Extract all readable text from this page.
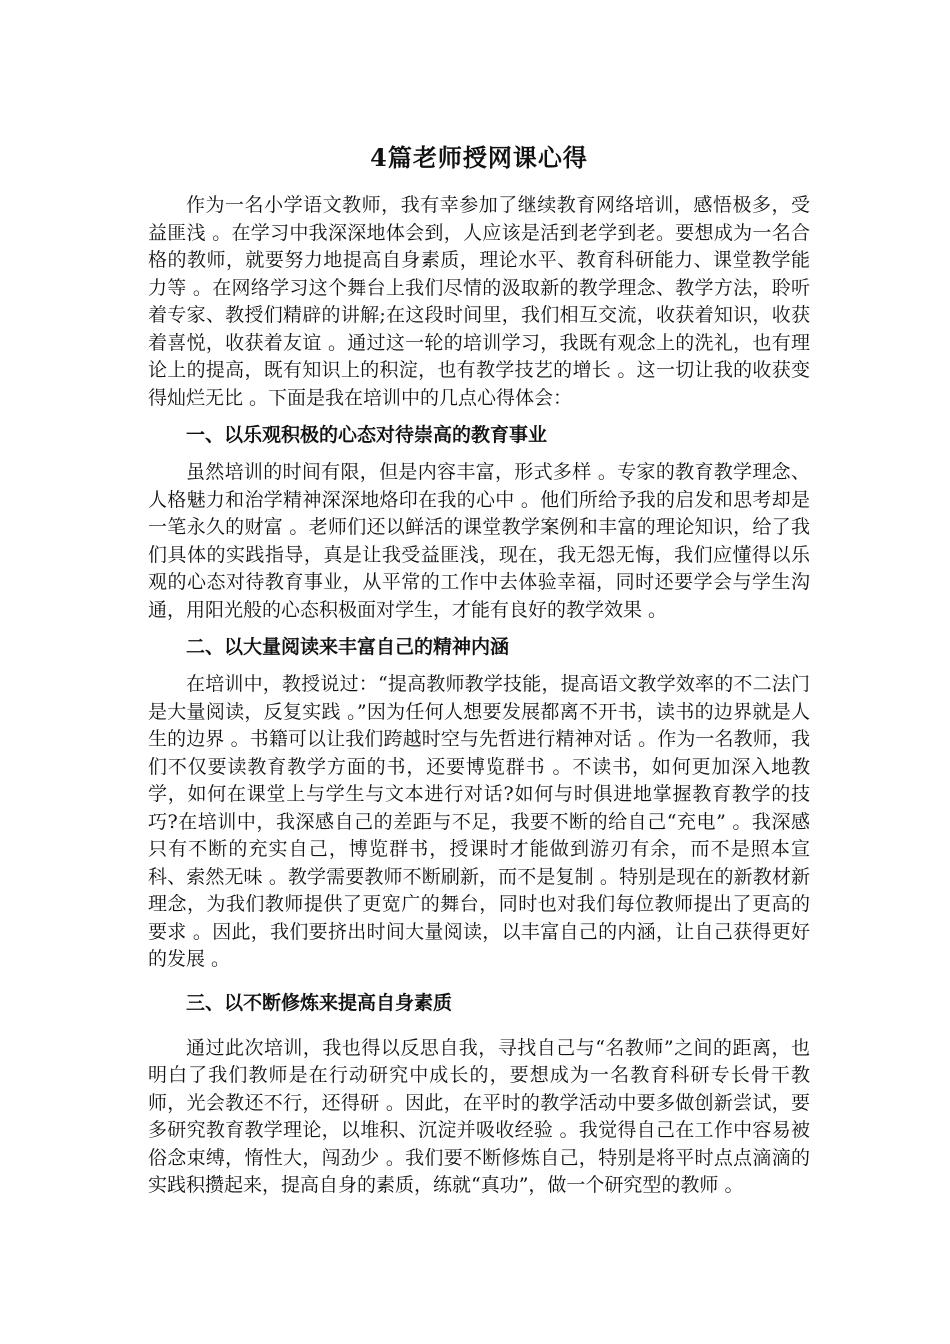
4篇老师授网课心得

作为一名小学语文教师，我有幸参加了继续教育网络培训，感悟极多，受益匪浅 。在学习中我深深地体会到，人应该是活到老学到老。要想成为一名合格的教师，就要努力地提高自身素质，理论水平、教育科研能力、课堂教学能力等 。在网络学习这个舞台上我们尽情的汲取新的教学理念、教学方法，聆听着专家、教授们精辟的讲解;在这段时间里，我们相互交流，收获着知识，收获着喜悦，收获着友谊 。通过这一轮的培训学习，我既有观念上的洗礼，也有理论上的提高，既有知识上的积淀，也有教学技艺的增长 。这一切让我的收获变得灿烂无比 。下面是我在培训中的几点心得体会：

一、以乐观积极的心态对待崇高的教育事业

虽然培训的时间有限，但是内容丰富，形式多样 。专家的教育教学理念、人格魅力和治学精神深深地烙印在我的心中 。他们所给予我的启发和思考却是一笔永久的财富 。老师们还以鲜活的课堂教学案例和丰富的理论知识，给了我们具体的实践指导，真是让我受益匪浅，现在，我无怨无悔，我们应懂得以乐观的心态对待教育事业，从平常的工作中去体验幸福，同时还要学会与学生沟通，用阳光般的心态积极面对学生，才能有良好的教学效果 。

二、以大量阅读来丰富自己的精神内涵

在培训中，教授说过：“提高教师教学技能，提高语文教学效率的不二法门是大量阅读，反复实践 。”因为任何人想要发展都离不开书，读书的边界就是人生的边界 。书籍可以让我们跨越时空与先哲进行精神对话 。作为一名教师，我们不仅要读教育教学方面的书，还要博览群书 。不读书，如何更加深入地教学，如何在课堂上与学生与文本进行对话?如何与时俱进地掌握教育教学的技巧?在培训中，我深感自己的差距与不足，我要不断的给自己“充电” 。我深感只有不断的充实自己，博览群书，授课时才能做到游刃有余，而不是照本宣科、索然无味 。教学需要教师不断刷新，而不是复制 。特别是现在的新教材新理念，为我们教师提供了更宽广的舞台，同时也对我们每位教师提出了更高的要求 。因此，我们要挤出时间大量阅读，以丰富自己的内涵，让自己获得更好的发展 。

三、以不断修炼来提高自身素质

通过此次培训，我也得以反思自我，寻找自己与“名教师”之间的距离，也明白了我们教师是在行动研究中成长的，要想成为一名教育科研专长骨干教师，光会教还不行，还得研 。因此，在平时的教学活动中要多做创新尝试，要多研究教育教学理论，以堆积、沉淀并吸收经验 。我觉得自己在工作中容易被俗念束缚，惰性大，闯劲少 。我们要不断修炼自己，特别是将平时点点滴滴的实践积攒起来，提高自身的素质，练就“真功”，做一个研究型的教师 。
